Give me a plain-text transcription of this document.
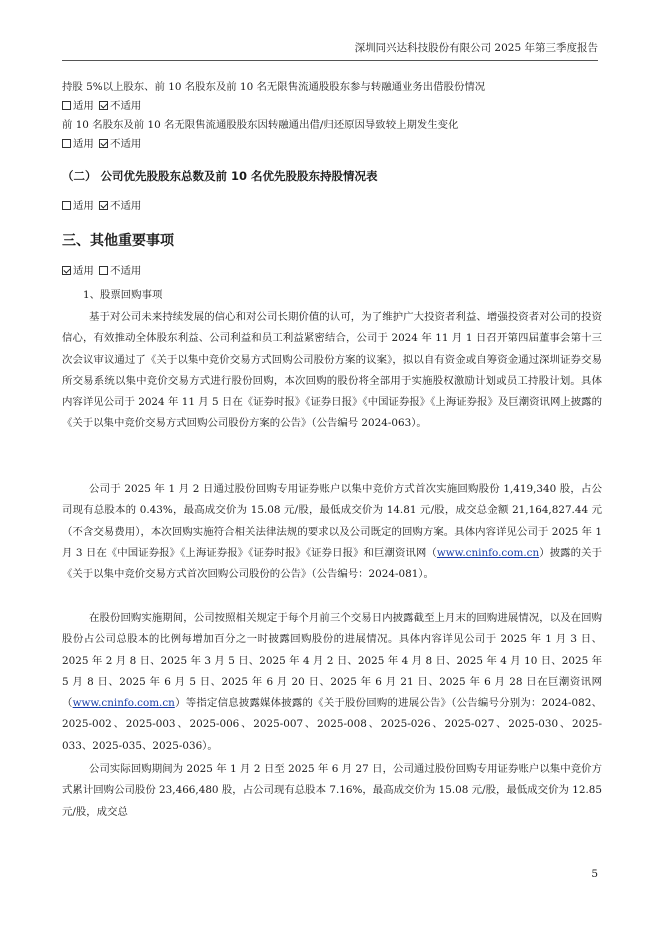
深圳同兴达科技股份有限公司 2025 年第三季度报告
持股 5%以上股东、前 10 名股东及前 10 名无限售流通股股东参与转融通业务出借股份情况
适用 不适用
前 10 名股东及前 10 名无限售流通股股东因转融通出借/归还原因导致较上期发生变化
适用 不适用
（二） 公司优先股股东总数及前 10 名优先股股东持股情况表
适用 不适用
三、其他重要事项
适用 不适用
1、股票回购事项

基于对公司未来持续发展的信心和对公司长期价值的认可，为了维护广大投资者利益、增强投资者对公司的投资信心，有效推动全体股东利益、公司利益和员工利益紧密结合，公司于 2024 年 11 月 1 日召开第四届董事会第十三次会议审议通过了《关于以集中竞价交易方式回购公司股份方案的议案》，拟以自有资金或自筹资金通过深圳证券交易所交易系统以集中竞价交易方式进行股份回购，本次回购的股份将全部用于实施股权激励计划或员工持股计划。具体内容详见公司于 2024 年 11 月 5 日在《证券时报》《证券日报》《中国证券报》《上海证券报》及巨潮资讯网上披露的《关于以集中竞价交易方式回购公司股份方案的公告》（公告编号 2024-063）。

公司于 2025 年 1 月 2 日通过股份回购专用证券账户以集中竞价方式首次实施回购股份 1,419,340 股，占公司现有总股本的 0.43%，最高成交价为 15.08 元/股，最低成交价为 14.81 元/股，成交总金额 21,164,827.44 元（不含交易费用），本次回购实施符合相关法律法规的要求以及公司既定的回购方案。具体内容详见公司于 2025 年 1 月 3 日在《中国证券报》《上海证券报》《证券时报》《证券日报》和巨潮资讯网（www.cninfo.com.cn）披露的关于《关于以集中竞价交易方式首次回购公司股份的公告》（公告编号：2024-081）。

在股份回购实施期间，公司按照相关规定于每个月前三个交易日内披露截至上月末的回购进展情况，以及在回购股份占公司总股本的比例每增加百分之一时披露回购股份的进展情况。具体内容详见公司于 2025 年 1 月 3 日、2025 年 2 月 8 日、2025 年 3 月 5 日、2025 年 4 月 2 日、2025 年 4 月 8 日、2025 年 4 月 10 日、2025 年 5 月 8 日、2025 年 6 月 5 日、2025 年 6 月 20 日、2025 年 6 月 21 日、2025 年 6 月 28 日在巨潮资讯网（www.cninfo.com.cn）等指定信息披露媒体披露的《关于股份回购的进展公告》（公告编号分别为：2024-082、2025-002、2025-003、2025-006、2025-007、2025-008、2025-026、2025-027、2025-030、2025-033、2025-035、2025-036）。

公司实际回购期间为 2025 年 1 月 2 日至 2025 年 6 月 27 日，公司通过股份回购专用证券账户以集中竞价方式累计回购公司股份 23,466,480 股，占公司现有总股本 7.16%，最高成交价为 15.08 元/股，最低成交价为 12.85 元/股，成交总

5
